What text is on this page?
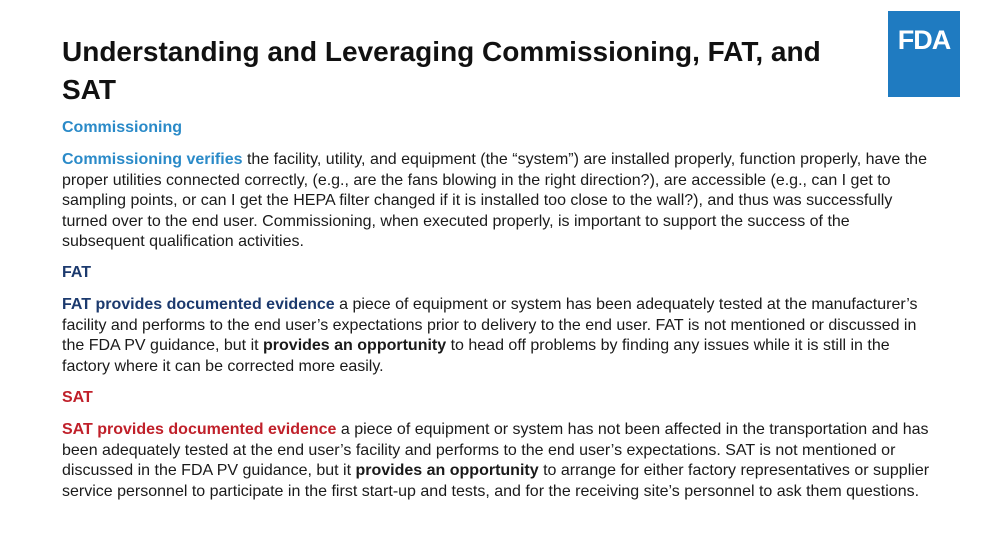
Understanding and Leveraging Commissioning, FAT, and SAT
FDA
Commissioning

Commissioning verifies the facility, utility, and equipment (the “system”) are installed properly, function properly, have the proper utilities connected correctly, (e.g., are the fans blowing in the right direction?), are accessible (e.g., can I get to sampling points, or can I get the HEPA filter changed if it is installed too close to the wall?), and thus was successfully turned over to the end user. Commissioning, when executed properly, is important to support the success of the subsequent qualification activities.

FAT

FAT provides documented evidence a piece of equipment or system has been adequately tested at the manufacturer’s facility and performs to the end user’s expectations prior to delivery to the end user. FAT is not mentioned or discussed in the FDA PV guidance, but it provides an opportunity to head off problems by finding any issues while it is still in the factory where it can be corrected more easily.

SAT

SAT provides documented evidence a piece of equipment or system has not been affected in the transportation and has been adequately tested at the end user’s facility and performs to the end user’s expectations. SAT is not mentioned or discussed in the FDA PV guidance, but it provides an opportunity to arrange for either factory representatives or supplier service personnel to participate in the first start-up and tests, and for the receiving site’s personnel to ask them questions.
